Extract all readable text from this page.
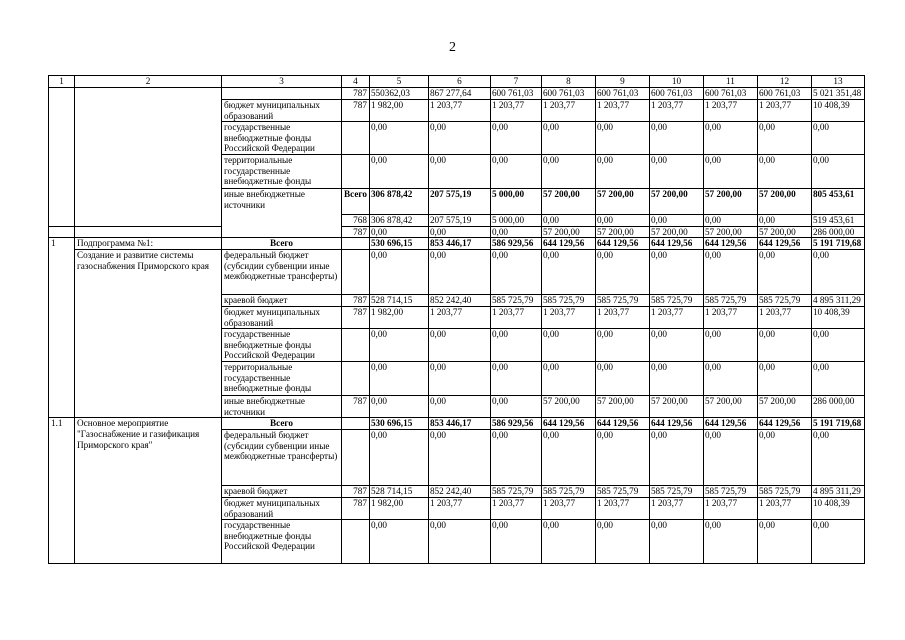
2
1	2	3	4	5	6	7	8	9	10	11	12	13
			787	550362,03	867 277,64	600 761,03	600 761,03	600 761,03	600 761,03	600 761,03	600 761,03	5 021 351,48
		бюджет муниципальных образований	787	1 982,00	1 203,77	1 203,77	1 203,77	1 203,77	1 203,77	1 203,77	1 203,77	10 408,39
		государственные внебюджетные фонды Российской Федерации		0,00	0,00	0,00	0,00	0,00	0,00	0,00	0,00	0,00
		территориальные государственные внебюджетные фонды		0,00	0,00	0,00	0,00	0,00	0,00	0,00	0,00	0,00
		иные внебюджетные источники	Всего	306 878,42	207 575,19	5 000,00	57 200,00	57 200,00	57 200,00	57 200,00	57 200,00	805 453,61
			768	306 878,42	207 575,19	5 000,00	0,00	0,00	0,00	0,00	0,00	519 453,61
			787	0,00	0,00	0,00	57 200,00	57 200,00	57 200,00	57 200,00	57 200,00	286 000,00
1	Подпрограмма №1:	Всего		530 696,15	853 446,17	586 929,56	644 129,56	644 129,56	644 129,56	644 129,56	644 129,56	5 191 719,68
	Создание и развитие системы газоснабжения Приморского края	федеральный бюджет (субсидии субвенции иные межбюджетные трансферты)		0,00	0,00	0,00	0,00	0,00	0,00	0,00	0,00	0,00
		краевой бюджет	787	528 714,15	852 242,40	585 725,79	585 725,79	585 725,79	585 725,79	585 725,79	585 725,79	4 895 311,29
		бюджет муниципальных образований	787	1 982,00	1 203,77	1 203,77	1 203,77	1 203,77	1 203,77	1 203,77	1 203,77	10 408,39
		государственные внебюджетные фонды Российской Федерации		0,00	0,00	0,00	0,00	0,00	0,00	0,00	0,00	0,00
		территориальные государственные внебюджетные фонды		0,00	0,00	0,00	0,00	0,00	0,00	0,00	0,00	0,00
		иные внебюджетные источники	787	0,00	0,00	0,00	57 200,00	57 200,00	57 200,00	57 200,00	57 200,00	286 000,00
1.1	Основное мероприятие "Газоснабжение и газификация Приморского края"	Всего		530 696,15	853 446,17	586 929,56	644 129,56	644 129,56	644 129,56	644 129,56	644 129,56	5 191 719,68
		федеральный бюджет (субсидии субвенции иные межбюджетные трансферты)		0,00	0,00	0,00	0,00	0,00	0,00	0,00	0,00	0,00
		краевой бюджет	787	528 714,15	852 242,40	585 725,79	585 725,79	585 725,79	585 725,79	585 725,79	585 725,79	4 895 311,29
		бюджет муниципальных образований	787	1 982,00	1 203,77	1 203,77	1 203,77	1 203,77	1 203,77	1 203,77	1 203,77	10 408,39
		государственные внебюджетные фонды Российской Федерации		0,00	0,00	0,00	0,00	0,00	0,00	0,00	0,00	0,00
